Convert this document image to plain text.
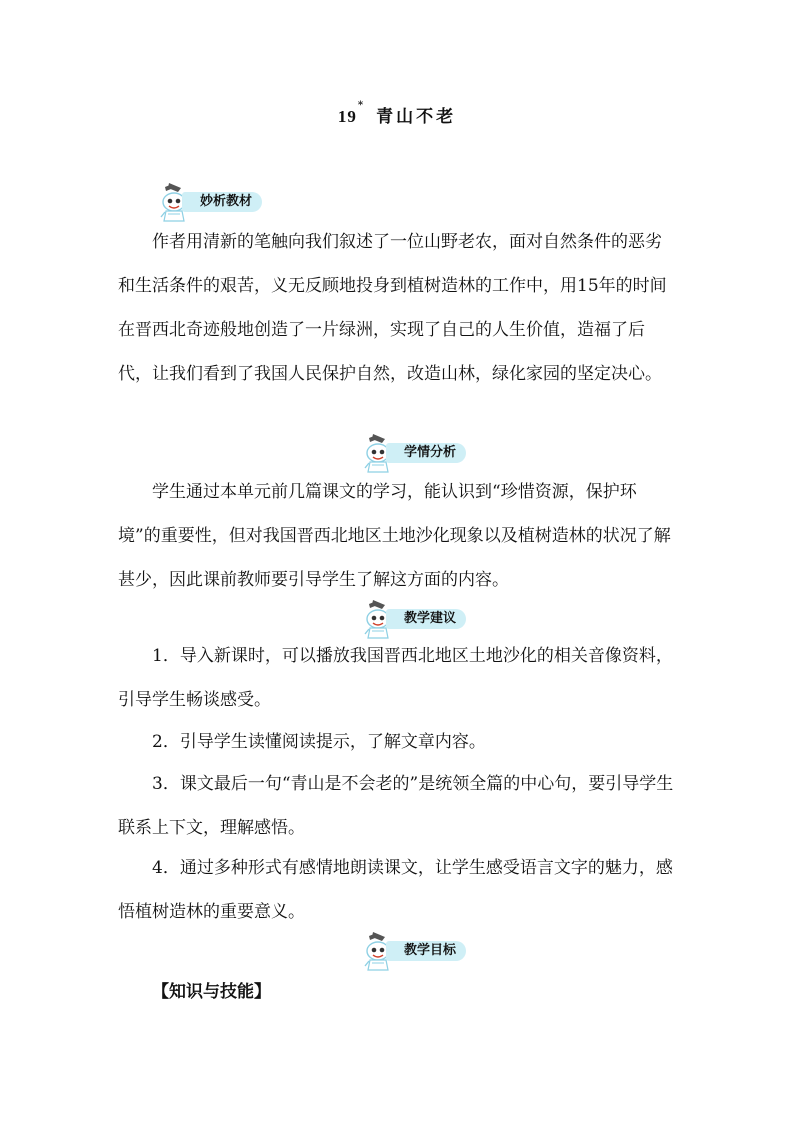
19*青山不老
妙析教材

作者用清新的笔触向我们叙述了一位山野老农，面对自然条件的恶劣和生活条件的艰苦，义无反顾地投身到植树造林的工作中，用15年的时间在晋西北奇迹般地创造了一片绿洲，实现了自己的人生价值，造福了后代，让我们看到了我国人民保护自然，改造山林，绿化家园的坚定决心。

学情分析

学生通过本单元前几篇课文的学习，能认识到“珍惜资源，保护环境”的重要性，但对我国晋西北地区土地沙化现象以及植树造林的状况了解甚少，因此课前教师要引导学生了解这方面的内容。

教学建议

1．导入新课时，可以播放我国晋西北地区土地沙化的相关音像资料，引导学生畅谈感受。

2．引导学生读懂阅读提示，了解文章内容。

3．课文最后一句“青山是不会老的”是统领全篇的中心句，要引导学生联系上下文，理解感悟。

4．通过多种形式有感情地朗读课文，让学生感受语言文字的魅力，感悟植树造林的重要意义。

教学目标

【知识与技能】
